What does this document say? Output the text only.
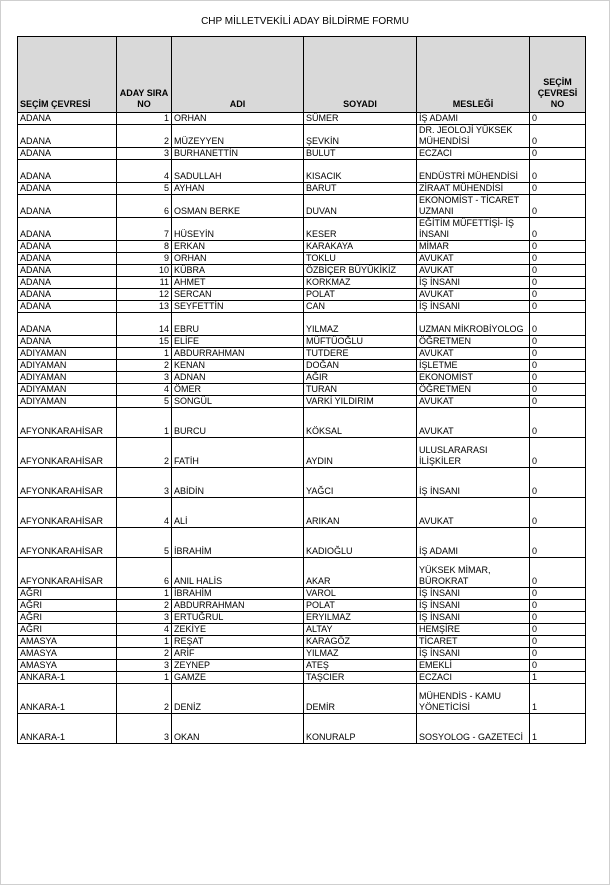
CHP MİLLETVEKİLİ ADAY BİLDİRME FORMU
SEÇİM ÇEVRESİ	ADAY SIRA NO	ADI	SOYADI	MESLEĞİ	SEÇİM ÇEVRESİ NO
ADANA	1	ORHAN	SÜMER	İŞ ADAMI	0
ADANA	2	MÜZEYYEN	ŞEVKİN	DR. JEOLOJİ YÜKSEK MÜHENDİSİ	0
ADANA	3	BURHANETTİN	BULUT	ECZACI	0
ADANA	4	SADULLAH	KISACIK	ENDÜSTRİ MÜHENDİSİ	0
ADANA	5	AYHAN	BARUT	ZİRAAT MÜHENDİSİ	0
ADANA	6	OSMAN BERKE	DUVAN	EKONOMİST - TİCARET UZMANI	0
ADANA	7	HÜSEYİN	KESER	EĞİTİM MÜFETTİŞİ- İŞ İNSANI	0
ADANA	8	ERKAN	KARAKAYA	MİMAR	0
ADANA	9	ORHAN	TOKLU	AVUKAT	0
ADANA	10	KÜBRA	ÖZBİÇER BÜYÜKİKİZ	AVUKAT	0
ADANA	11	AHMET	KORKMAZ	İŞ İNSANI	0
ADANA	12	SERCAN	POLAT	AVUKAT	0
ADANA	13	SEYFETTİN	CAN	İŞ İNSANI	0
ADANA	14	EBRU	YILMAZ	UZMAN MİKROBİYOLOG	0
ADANA	15	ELİFE	MÜFTÜOĞLU	ÖĞRETMEN	0
ADIYAMAN	1	ABDURRAHMAN	TUTDERE	AVUKAT	0
ADIYAMAN	2	KENAN	DOĞAN	İŞLETME	0
ADIYAMAN	3	ADNAN	AĞIR	EKONOMİST	0
ADIYAMAN	4	ÖMER	TURAN	ÖĞRETMEN	0
ADIYAMAN	5	SONGÜL	VARKİ YILDIRIM	AVUKAT	0
AFYONKARAHİSAR	1	BURCU	KÖKSAL	AVUKAT	0
AFYONKARAHİSAR	2	FATİH	AYDIN	ULUSLARARASI İLİŞKİLER	0
AFYONKARAHİSAR	3	ABİDİN	YAĞCI	İŞ İNSANI	0
AFYONKARAHİSAR	4	ALİ	ARIKAN	AVUKAT	0
AFYONKARAHİSAR	5	İBRAHİM	KADIOĞLU	İŞ ADAMI	0
AFYONKARAHİSAR	6	ANIL HALİS	AKAR	YÜKSEK MİMAR, BÜROKRAT	0
AĞRI	1	İBRAHİM	VAROL	İŞ İNSANI	0
AĞRI	2	ABDURRAHMAN	POLAT	İŞ İNSANI	0
AĞRI	3	ERTUĞRUL	ERYILMAZ	İŞ İNSANI	0
AĞRI	4	ZEKİYE	ALTAY	HEMŞİRE	0
AMASYA	1	REŞAT	KARAGÖZ	TİCARET	0
AMASYA	2	ARİF	YILMAZ	İŞ İNSANI	0
AMASYA	3	ZEYNEP	ATEŞ	EMEKLİ	0
ANKARA-1	1	GAMZE	TAŞCIER	ECZACI	1
ANKARA-1	2	DENİZ	DEMİR	MÜHENDİS - KAMU YÖNETİCİSİ	1
ANKARA-1	3	OKAN	KONURALP	SOSYOLOG - GAZETECİ	1
